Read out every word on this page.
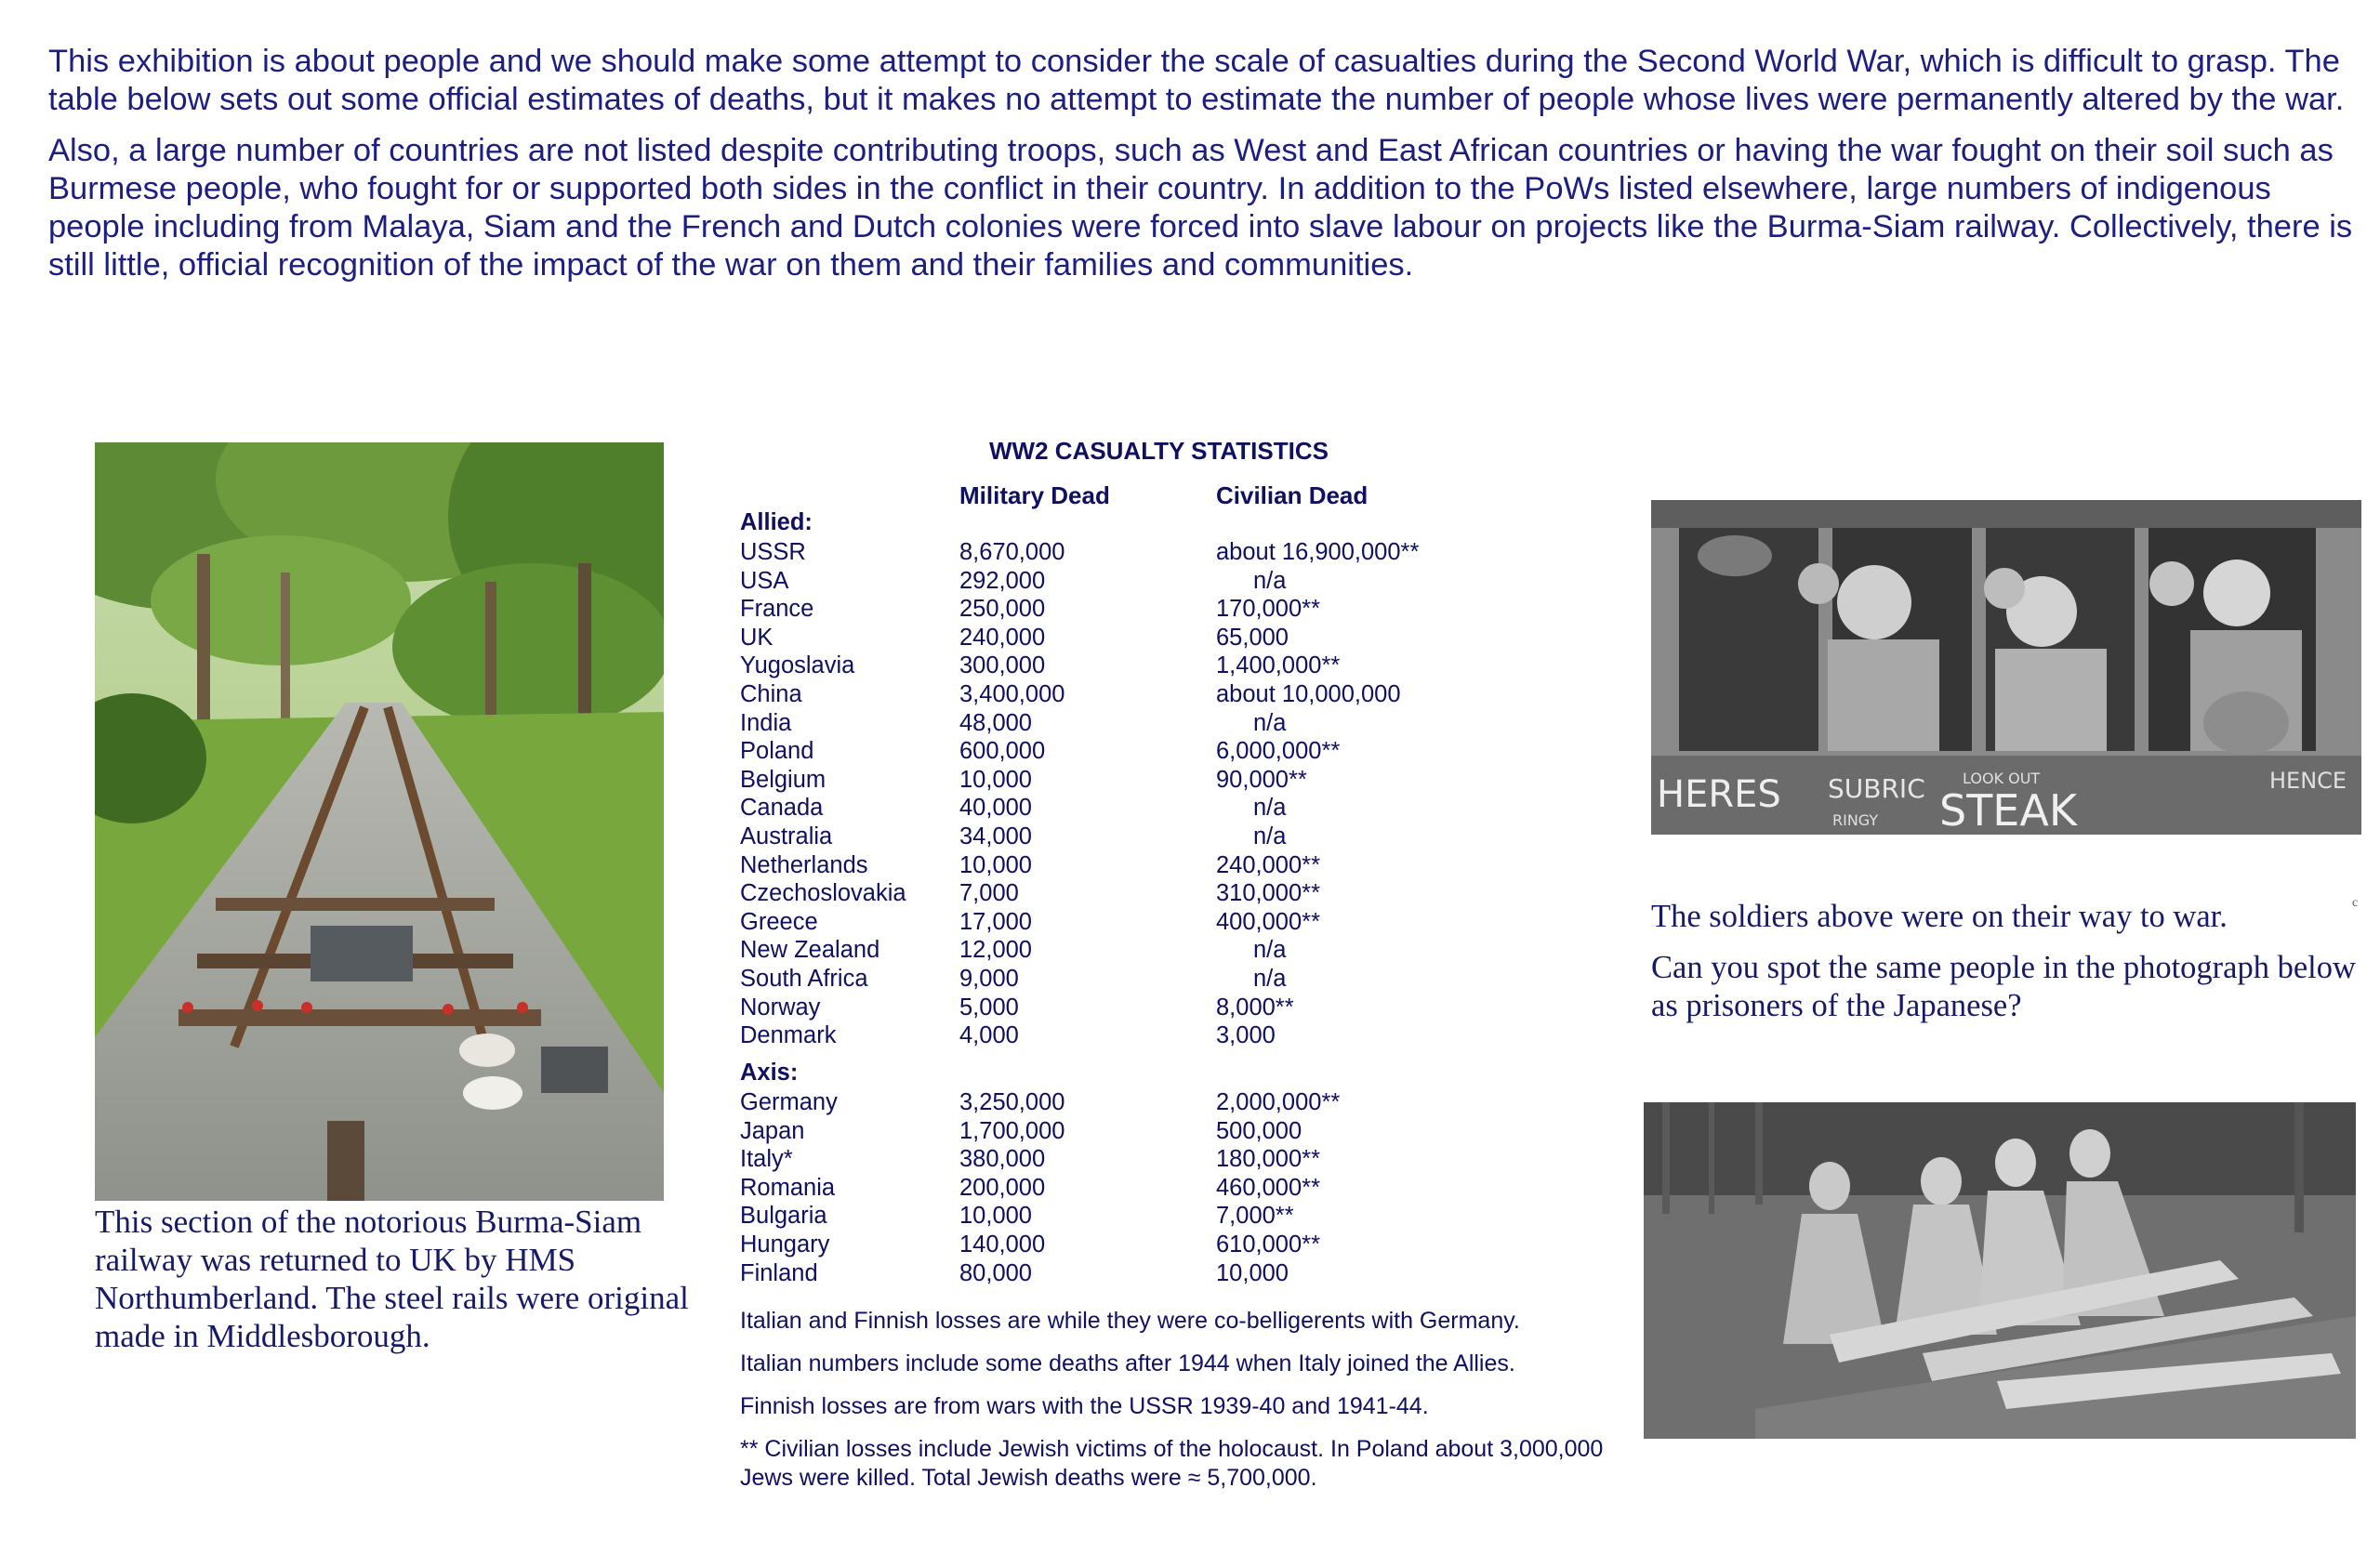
This exhibition is about people and we should make some attempt to consider the scale of casualties during the Second World War, which is difficult to grasp. The table below sets out some official estimates of deaths, but it makes no attempt to estimate the number of people whose lives were permanently altered by the war.

Also, a large number of countries are not listed despite contributing troops, such as West and East African countries or having the war fought on their soil such as Burmese people, who fought for or supported both sides in the conflict in their country. In addition to the PoWs listed elsewhere, large numbers of indigenous people including from Malaya, Siam and the French and Dutch colonies were forced into slave labour on projects like the Burma-Siam railway. Collectively, there is still little, official recognition of the impact of the war on them and their families and communities.

This section of the notorious Burma-Siam railway was returned to UK by HMS Northumberland. The steel rails were original made in Middlesborough.

WW2 CASUALTY STATISTICS
Military Dead	Civilian Dead
Allied:
USSR	8,670,000	about 16,900,000**
USA	292,000	n/a
France	250,000	170,000**
UK	240,000	65,000
Yugoslavia	300,000	1,400,000**
China	3,400,000	about 10,000,000
India	48,000	n/a
Poland	600,000	6,000,000**
Belgium	10,000	90,000**
Canada	40,000	n/a
Australia	34,000	n/a
Netherlands	10,000	240,000**
Czechoslovakia 7,000	310,000**
Greece	17,000	400,000**
New Zealand	12,000	n/a
South Africa	9,000	n/a
Norway	5,000	8,000**
Denmark	4,000	3,000
Axis:
Germany	3,250,000	2,000,000**
Japan	1,700,000	500,000
Italy*	380,000	180,000**
Romania	200,000	460,000**
Bulgaria	10,000	7,000**
Hungary	140,000	610,000**
Finland	80,000	10,000

Italian and Finnish losses are while they were co-belligerents with Germany.

Italian numbers include some deaths after 1944 when Italy joined the Allies.

Finnish losses are from wars with the USSR 1939-40 and 1941-44.

** Civilian losses include Jewish victims of the holocaust. In Poland about 3,000,000 Jews were killed. Total Jewish deaths were ≈ 5,700,000.

HERES SUBRIC STEAK
LOOK OUT	HENCE
RINGY
c

The soldiers above were on their way to war.

Can you spot the same people in the photograph below as prisoners of the Japanese?
